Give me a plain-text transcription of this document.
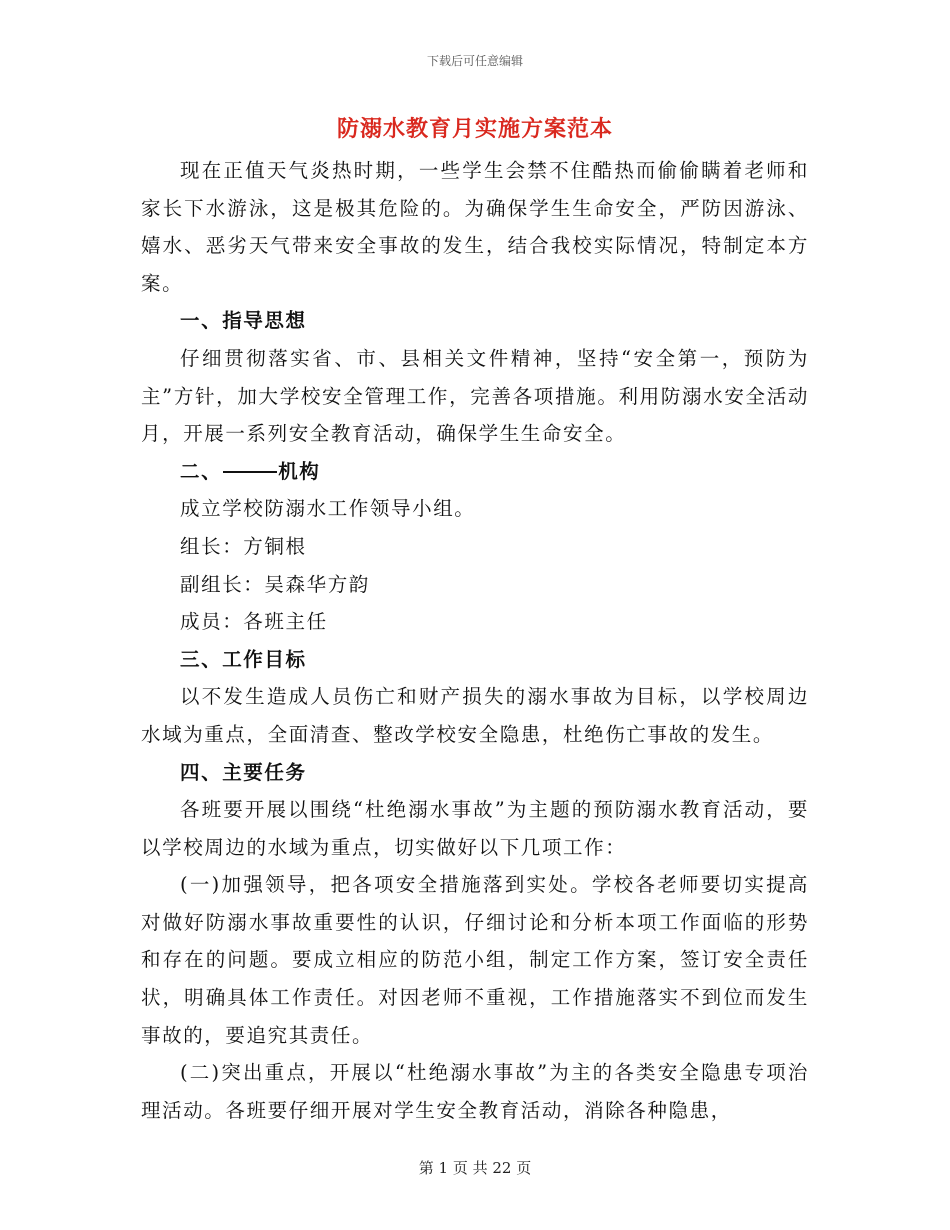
下载后可任意编辑
防溺水教育月实施方案范本

现在正值天气炎热时期，一些学生会禁不住酷热而偷偷瞒着老师和家长下水游泳，这是极其危险的。为确保学生生命安全，严防因游泳、嬉水、恶劣天气带来安全事故的发生，结合我校实际情况，特制定本方案。

一、指导思想

仔细贯彻落实省、市、县相关文件精神，坚持“安全第一，预防为主”方针，加大学校安全管理工作，完善各项措施。利用防溺水安全活动月，开展一系列安全教育活动，确保学生生命安全。

二、	机构

成立学校防溺水工作领导小组。

组长：方铜根

副组长：吴森华方韵

成员：各班主任

三、工作目标

以不发生造成人员伤亡和财产损失的溺水事故为目标，以学校周边水域为重点，全面清查、整改学校安全隐患，杜绝伤亡事故的发生。

四、主要任务

各班要开展以围绕“杜绝溺水事故”为主题的预防溺水教育活动，要以学校周边的水域为重点，切实做好以下几项工作：

(一)加强领导，把各项安全措施落到实处。学校各老师要切实提高对做好防溺水事故重要性的认识，仔细讨论和分析本项工作面临的形势和存在的问题。要成立相应的防范小组，制定工作方案，签订安全责任状，明确具体工作责任。对因老师不重视，工作措施落实不到位而发生事故的，要追究其责任。

(二)突出重点，开展以“杜绝溺水事故”为主的各类安全隐患专项治理活动。各班要仔细开展对学生安全教育活动，消除各种隐患，

第 1 页 共 22 页
